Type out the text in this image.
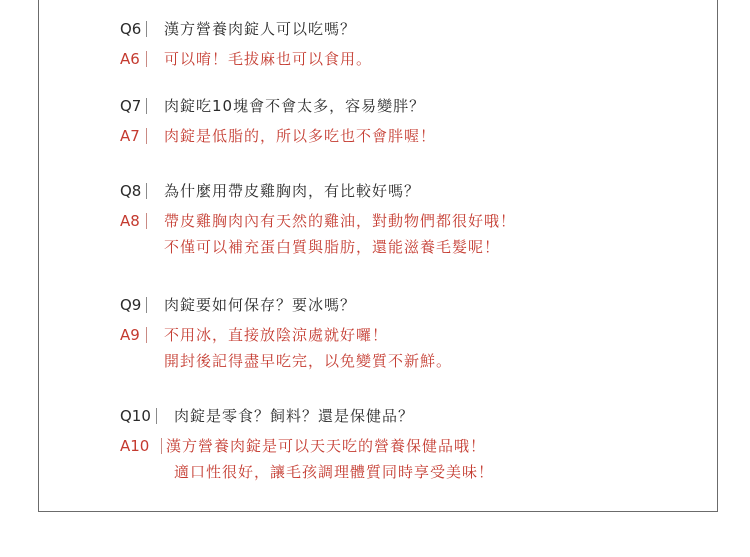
Q6	漢方營養肉錠人可以吃嗎？
A6	可以唷！毛拔麻也可以食用。
Q7	肉錠吃10塊會不會太多，容易變胖？
A7	肉錠是低脂的，所以多吃也不會胖喔！
Q8	為什麼用帶皮雞胸肉，有比較好嗎？
A8	帶皮雞胸肉內有天然的雞油，對動物們都很好哦！
不僅可以補充蛋白質與脂肪，還能滋養毛髮呢！
Q9	肉錠要如何保存？要冰嗎？
A9	不用冰，直接放陰涼處就好囉！
開封後記得盡早吃完，以免變質不新鮮。
Q10	肉錠是零食？飼料？還是保健品？
A10	漢方營養肉錠是可以天天吃的營養保健品哦！
適口性很好，讓毛孩調理體質同時享受美味！
